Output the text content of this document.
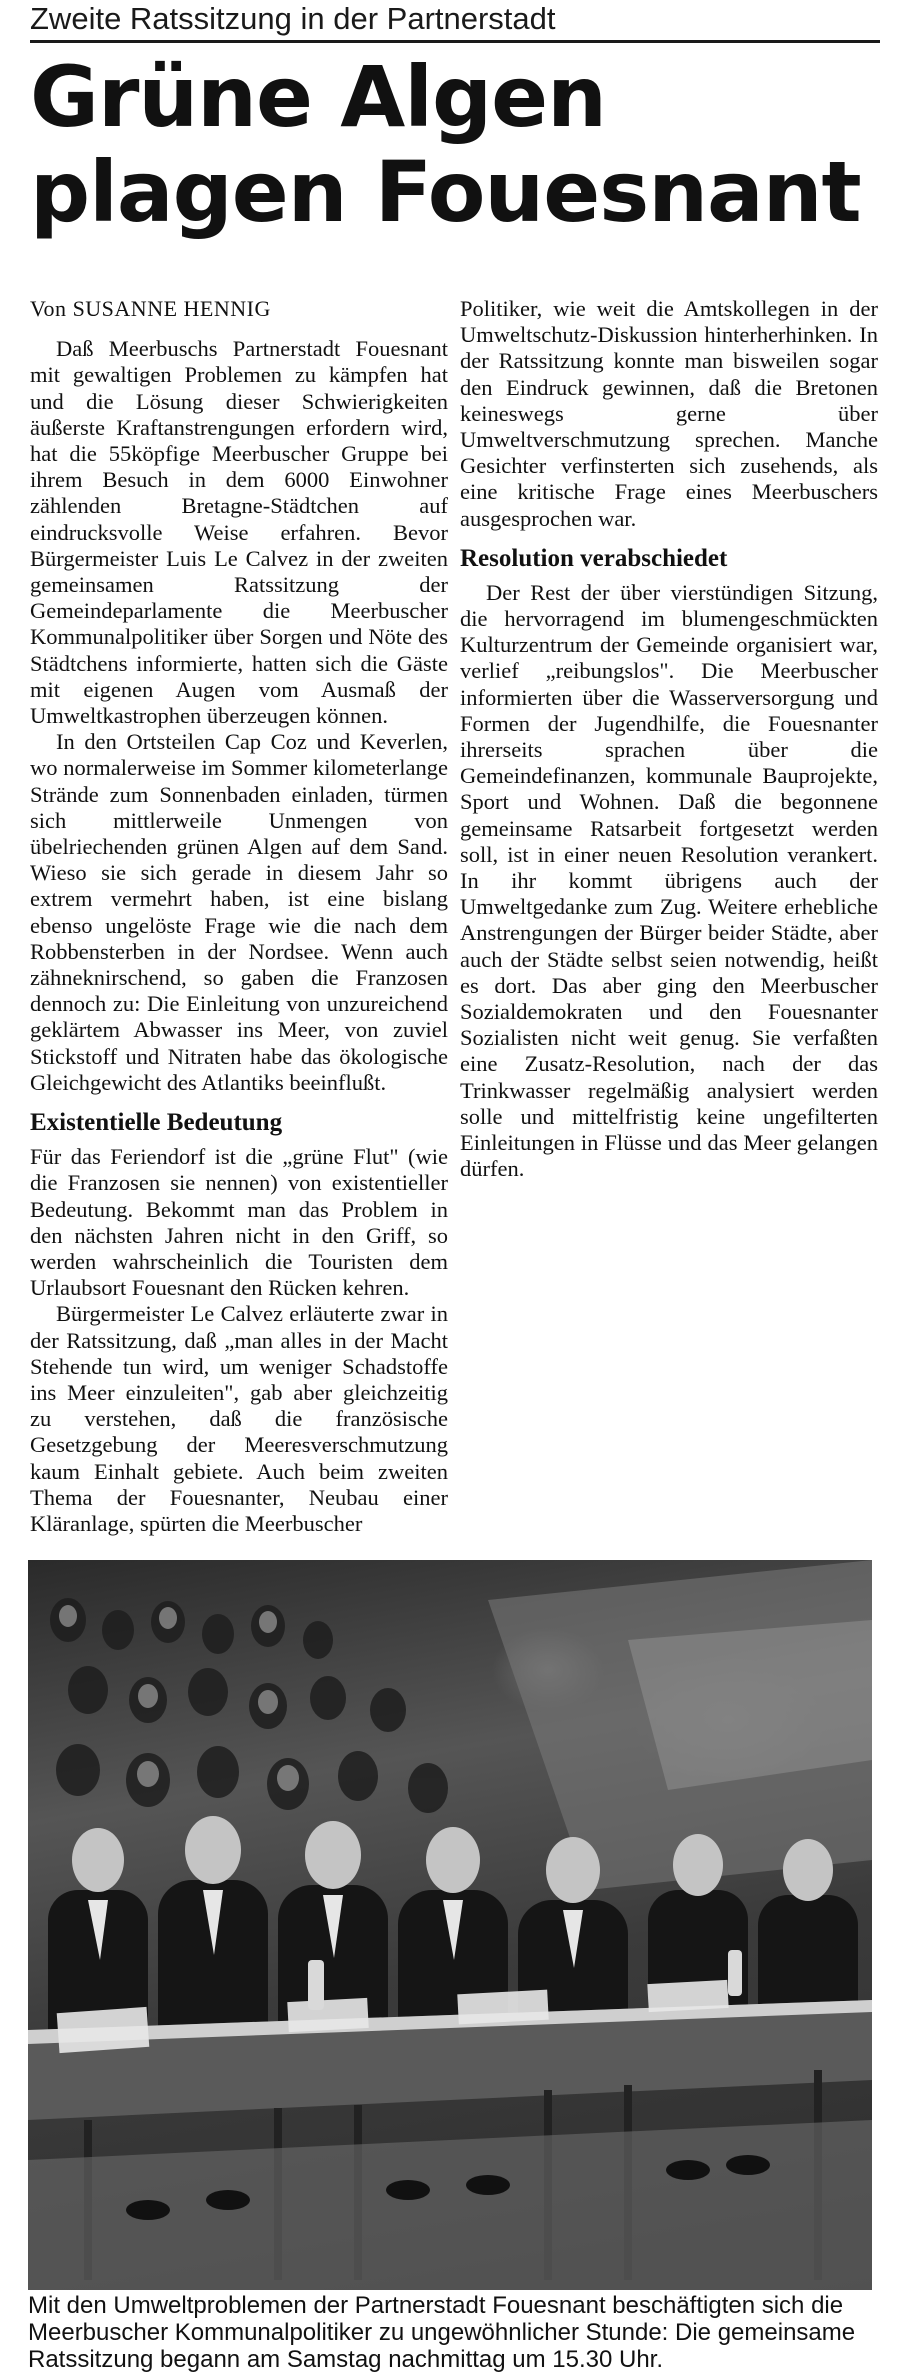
Zweite Ratssitzung in der Partnerstadt
Grüne Algen
plagen Fouesnant

Von SUSANNE HENNIG

Daß Meerbuschs Partnerstadt Fouesnant mit gewaltigen Problemen zu kämpfen hat und die Lösung dieser Schwierigkeiten äußerste Kraftanstrengungen erfordern wird, hat die 55köpfige Meerbuscher Gruppe bei ihrem Besuch in dem 6000 Einwohner zählenden Bretagne-Städtchen auf eindrucksvolle Weise erfahren. Bevor Bürgermeister Luis Le Calvez in der zweiten gemeinsamen Ratssitzung der Gemeindeparlamente die Meerbuscher Kommunalpolitiker über Sorgen und Nöte des Städtchens informierte, hatten sich die Gäste mit eigenen Augen vom Ausmaß der Umweltkastrophen überzeugen können.

In den Ortsteilen Cap Coz und Keverlen, wo normalerweise im Sommer kilometerlange Strände zum Sonnenbaden einladen, türmen sich mittlerweile Unmengen von übelriechenden grünen Algen auf dem Sand. Wieso sie sich gerade in diesem Jahr so extrem vermehrt haben, ist eine bislang ebenso ungelöste Frage wie die nach dem Robbensterben in der Nordsee. Wenn auch zähneknirschend, so gaben die Franzosen dennoch zu: Die Einleitung von unzureichend geklärtem Abwasser ins Meer, von zuviel Stickstoff und Nitraten habe das ökologische Gleichgewicht des Atlantiks beeinflußt.

Existentielle Bedeutung

Für das Feriendorf ist die „grüne Flut" (wie die Franzosen sie nennen) von existentieller Bedeutung. Bekommt man das Problem in den nächsten Jahren nicht in den Griff, so werden wahrscheinlich die Touristen dem Urlaubsort Fouesnant den Rücken kehren.

Bürgermeister Le Calvez erläuterte zwar in der Ratssitzung, daß „man alles in der Macht Stehende tun wird, um weniger Schadstoffe ins Meer einzuleiten", gab aber gleichzeitig zu verstehen, daß die französische Gesetzgebung der Meeresverschmutzung kaum Einhalt gebiete. Auch beim zweiten Thema der Fouesnanter, Neubau einer Kläranlage, spürten die Meerbuscher

Politiker, wie weit die Amtskollegen in der Umweltschutz-Diskussion hinterherhinken. In der Ratssitzung konnte man bisweilen sogar den Eindruck gewinnen, daß die Bretonen keineswegs gerne über Umweltverschmutzung sprechen. Manche Gesichter verfinsterten sich zusehends, als eine kritische Frage eines Meerbuschers ausgesprochen war.

Resolution verabschiedet

Der Rest der über vierstündigen Sitzung, die hervorragend im blumengeschmückten Kulturzentrum der Gemeinde organisiert war, verlief „reibungslos". Die Meerbuscher informierten über die Wasserversorgung und Formen der Jugendhilfe, die Fouesnanter ihrerseits sprachen über die Gemeindefinanzen, kommunale Bauprojekte, Sport und Wohnen. Daß die begonnene gemeinsame Ratsarbeit fortgesetzt werden soll, ist in einer neuen Resolution verankert. In ihr kommt übrigens auch der Umweltgedanke zum Zug. Weitere erhebliche Anstrengungen der Bürger beider Städte, aber auch der Städte selbst seien notwendig, heißt es dort. Das aber ging den Meerbuscher Sozialdemokraten und den Fouesnanter Sozialisten nicht weit genug. Sie verfaßten eine Zusatz-Resolution, nach der das Trinkwasser regelmäßig analysiert werden solle und mittelfristig keine ungefilterten Einleitungen in Flüsse und das Meer gelangen dürfen.

Mit den Umweltproblemen der Partnerstadt Fouesnant beschäftigten sich die Meerbuscher Kommunalpolitiker zu ungewöhnlicher Stunde: Die gemeinsame Ratssitzung begann am Samstag nachmittag um 15.30 Uhr.
